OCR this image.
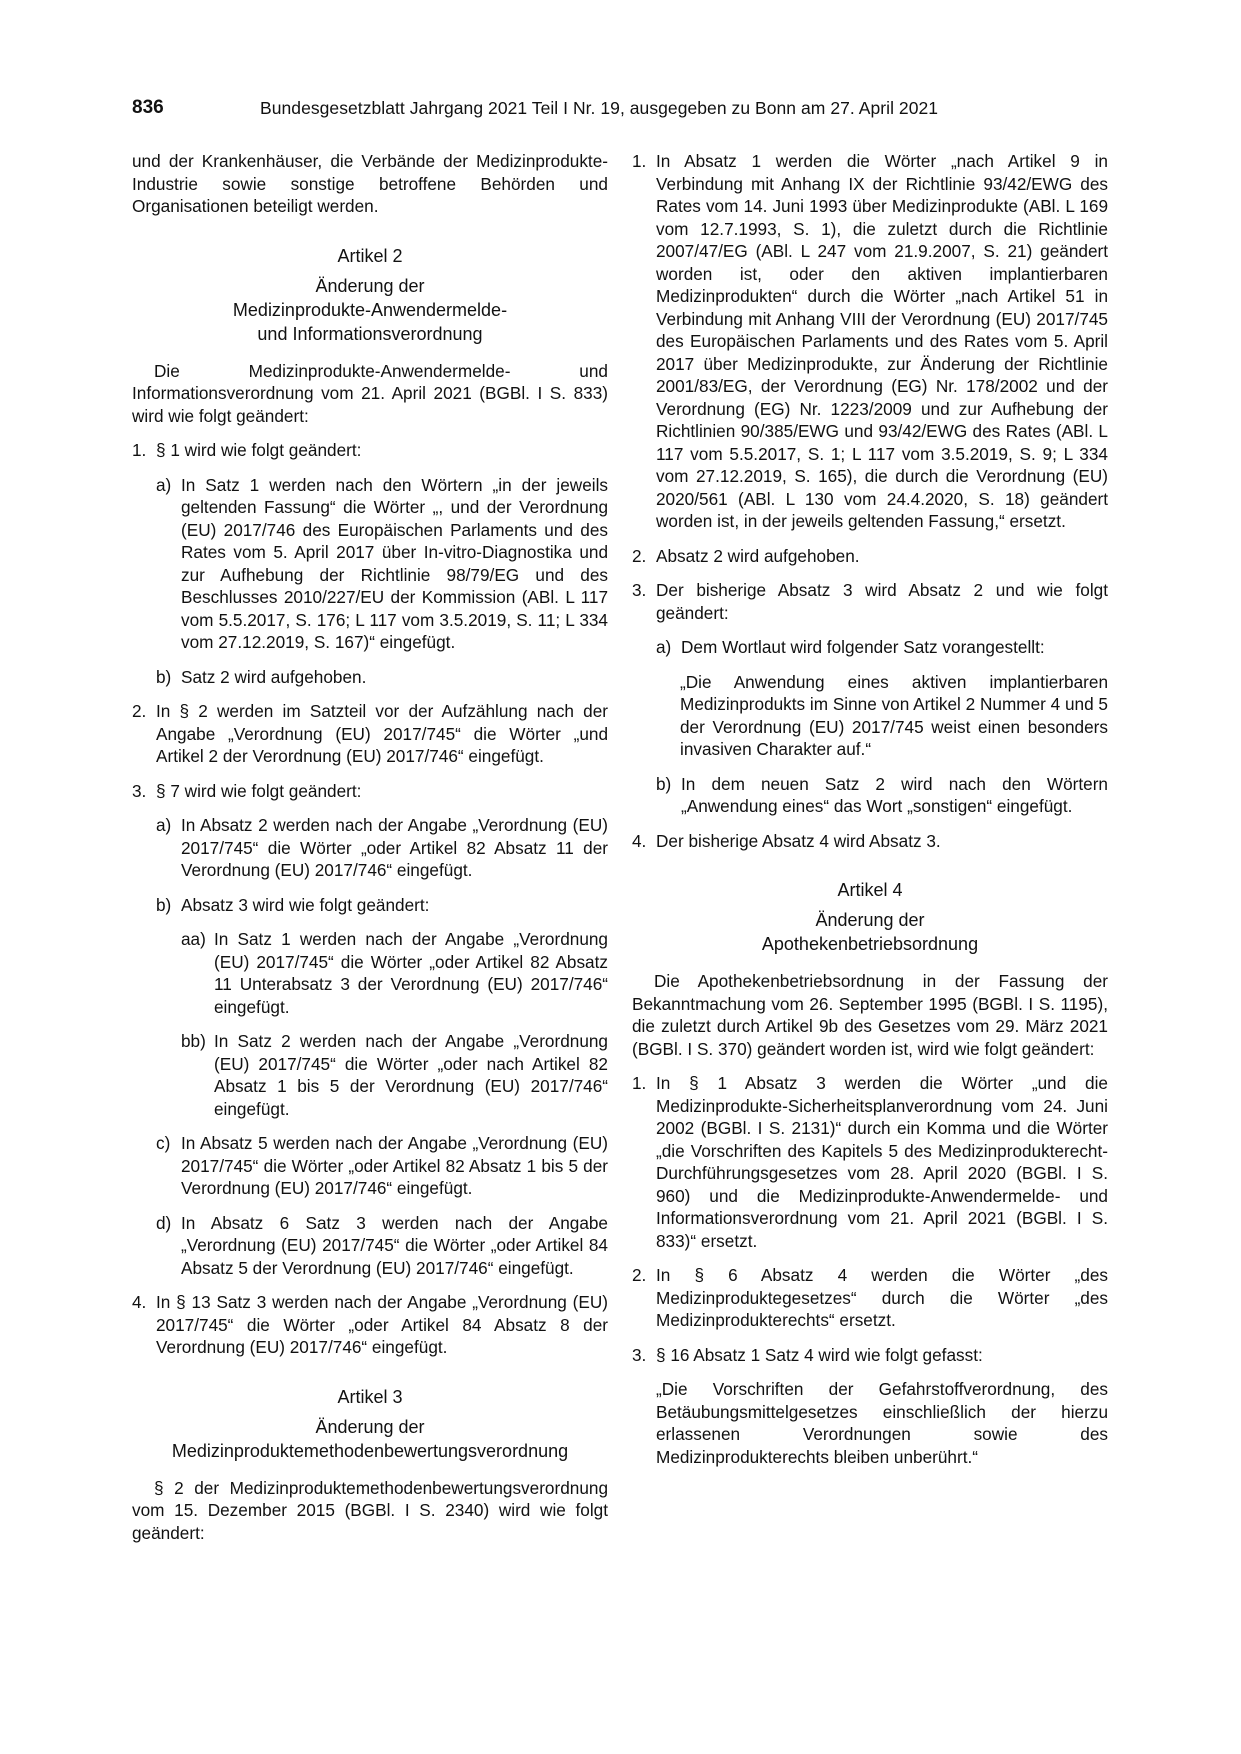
836	Bundesgesetzblatt Jahrgang 2021 Teil I Nr. 19, ausgegeben zu Bonn am 27. April 2021

und der Krankenhäuser, die Verbände der Medizinprodukte-Industrie sowie sonstige betroffene Behörden und Organisationen beteiligt werden.

Artikel 2

Änderung der

Medizinprodukte-Anwendermelde-

und Informationsverordnung

Die Medizinprodukte-Anwendermelde- und Informationsverordnung vom 21. April 2021 (BGBl. I S. 833) wird wie folgt geändert:

1. § 1 wird wie folgt geändert:
a) In Satz 1 werden nach den Wörtern „in der jeweils geltenden Fassung“ die Wörter „, und der Verordnung (EU) 2017/746 des Europäischen Parlaments und des Rates vom 5. April 2017 über In-vitro-Diagnostika und zur Aufhebung der Richtlinie 98/79/EG und des Beschlusses 2010/227/EU der Kommission (ABl. L 117 vom 5.5.2017, S. 176; L 117 vom 3.5.2019, S. 11; L 334 vom 27.12.2019, S. 167)“ eingefügt.
b) Satz 2 wird aufgehoben.
2. In § 2 werden im Satzteil vor der Aufzählung nach der Angabe „Verordnung (EU) 2017/745“ die Wörter „und Artikel 2 der Verordnung (EU) 2017/746“ eingefügt.
3. § 7 wird wie folgt geändert:
a) In Absatz 2 werden nach der Angabe „Verordnung (EU) 2017/745“ die Wörter „oder Artikel 82 Absatz 11 der Verordnung (EU) 2017/746“ eingefügt.
b) Absatz 3 wird wie folgt geändert:
aa) In Satz 1 werden nach der Angabe „Verordnung (EU) 2017/745“ die Wörter „oder Artikel 82 Absatz 11 Unterabsatz 3 der Verordnung (EU) 2017/746“ eingefügt.
bb) In Satz 2 werden nach der Angabe „Verordnung (EU) 2017/745“ die Wörter „oder nach Artikel 82 Absatz 1 bis 5 der Verordnung (EU) 2017/746“ eingefügt.
c) In Absatz 5 werden nach der Angabe „Verordnung (EU) 2017/745“ die Wörter „oder Artikel 82 Absatz 1 bis 5 der Verordnung (EU) 2017/746“ eingefügt.
d) In Absatz 6 Satz 3 werden nach der Angabe „Verordnung (EU) 2017/745“ die Wörter „oder Artikel 84 Absatz 5 der Verordnung (EU) 2017/746“ eingefügt.
4. In § 13 Satz 3 werden nach der Angabe „Verordnung (EU) 2017/745“ die Wörter „oder Artikel 84 Absatz 8 der Verordnung (EU) 2017/746“ eingefügt.

Artikel 3

Änderung der

Medizinproduktemethodenbewertungsverordnung

§ 2 der Medizinproduktemethodenbewertungsverordnung vom 15. Dezember 2015 (BGBl. I S. 2340) wird wie folgt geändert:

1. In Absatz 1 werden die Wörter „nach Artikel 9 in Verbindung mit Anhang IX der Richtlinie 93/42/EWG des Rates vom 14. Juni 1993 über Medizinprodukte (ABl. L 169 vom 12.7.1993, S. 1), die zuletzt durch die Richtlinie 2007/47/EG (ABl. L 247 vom 21.9.2007, S. 21) geändert worden ist, oder den aktiven implantierbaren Medizinprodukten“ durch die Wörter „nach Artikel 51 in Verbindung mit Anhang VIII der Verordnung (EU) 2017/745 des Europäischen Parlaments und des Rates vom 5. April 2017 über Medizinprodukte, zur Änderung der Richtlinie 2001/83/EG, der Verordnung (EG) Nr. 178/2002 und der Verordnung (EG) Nr. 1223/2009 und zur Aufhebung der Richtlinien 90/385/EWG und 93/42/EWG des Rates (ABl. L 117 vom 5.5.2017, S. 1; L 117 vom 3.5.2019, S. 9; L 334 vom 27.12.2019, S. 165), die durch die Verordnung (EU) 2020/561 (ABl. L 130 vom 24.4.2020, S. 18) geändert worden ist, in der jeweils geltenden Fassung,“ ersetzt.
2. Absatz 2 wird aufgehoben.
3. Der bisherige Absatz 3 wird Absatz 2 und wie folgt geändert:
a) Dem Wortlaut wird folgender Satz vorangestellt:

„Die Anwendung eines aktiven implantierbaren Medizinprodukts im Sinne von Artikel 2 Nummer 4 und 5 der Verordnung (EU) 2017/745 weist einen besonders invasiven Charakter auf.“

b) In dem neuen Satz 2 wird nach den Wörtern „Anwendung eines“ das Wort „sonstigen“ eingefügt.
4. Der bisherige Absatz 4 wird Absatz 3.

Artikel 4

Änderung der

Apothekenbetriebsordnung

Die Apothekenbetriebsordnung in der Fassung der Bekanntmachung vom 26. September 1995 (BGBl. I S. 1195), die zuletzt durch Artikel 9b des Gesetzes vom 29. März 2021 (BGBl. I S. 370) geändert worden ist, wird wie folgt geändert:

1. In § 1 Absatz 3 werden die Wörter „und die Medizinprodukte-Sicherheitsplanverordnung vom 24. Juni 2002 (BGBl. I S. 2131)“ durch ein Komma und die Wörter „die Vorschriften des Kapitels 5 des Medizinprodukterecht-Durchführungsgesetzes vom 28. April 2020 (BGBl. I S. 960) und die Medizinprodukte-Anwendermelde- und Informationsverordnung vom 21. April 2021 (BGBl. I S. 833)“ ersetzt.
2. In § 6 Absatz 4 werden die Wörter „des Medizinproduktegesetzes“ durch die Wörter „des Medizinprodukterechts“ ersetzt.
3. § 16 Absatz 1 Satz 4 wird wie folgt gefasst:

„Die Vorschriften der Gefahrstoffverordnung, des Betäubungsmittelgesetzes einschließlich der hierzu erlassenen Verordnungen sowie des Medizinprodukterechts bleiben unberührt.“
